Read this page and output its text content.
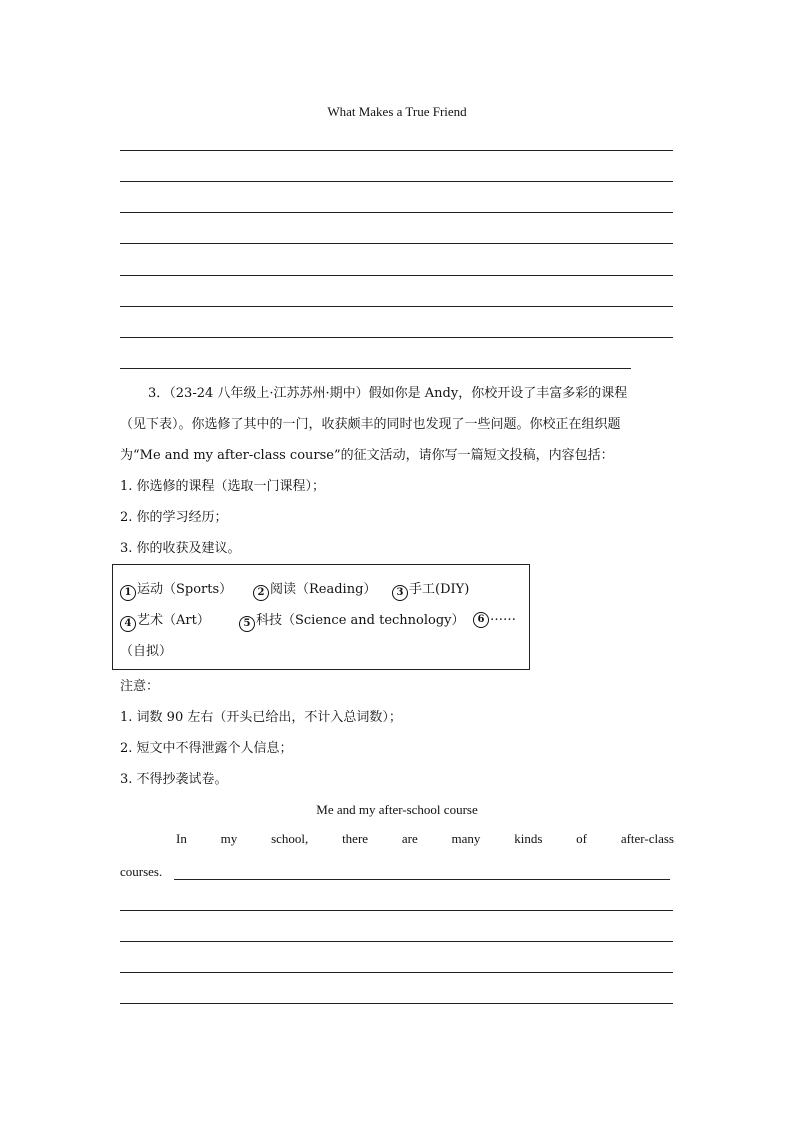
What Makes a True Friend
3．（23-24 八年级上·江苏苏州·期中）假如你是 Andy，你校开设了丰富多彩的课程
（见下表）。你选修了其中的一门，收获颇丰的同时也发现了一些问题。你校正在组织题
为“Me and my after-class course”的征文活动，请你写一篇短文投稿，内容包括：
1. 你选修的课程（选取一门课程）；
2. 你的学习经历；
3. 你的收获及建议。
1 运动（Sports）	2 阅读（Reading）	3 手工(DIY)
4 艺术（Art）	5 科技（Science and technology）	6 ……
（自拟）
注意：
1. 词数 90 左右（开头已给出，不计入总词数）；
2. 短文中不得泄露个人信息；
3. 不得抄袭试卷。
Me and my after-school course
In	my	school,	there	are	many	kinds	of	after-class
courses.
